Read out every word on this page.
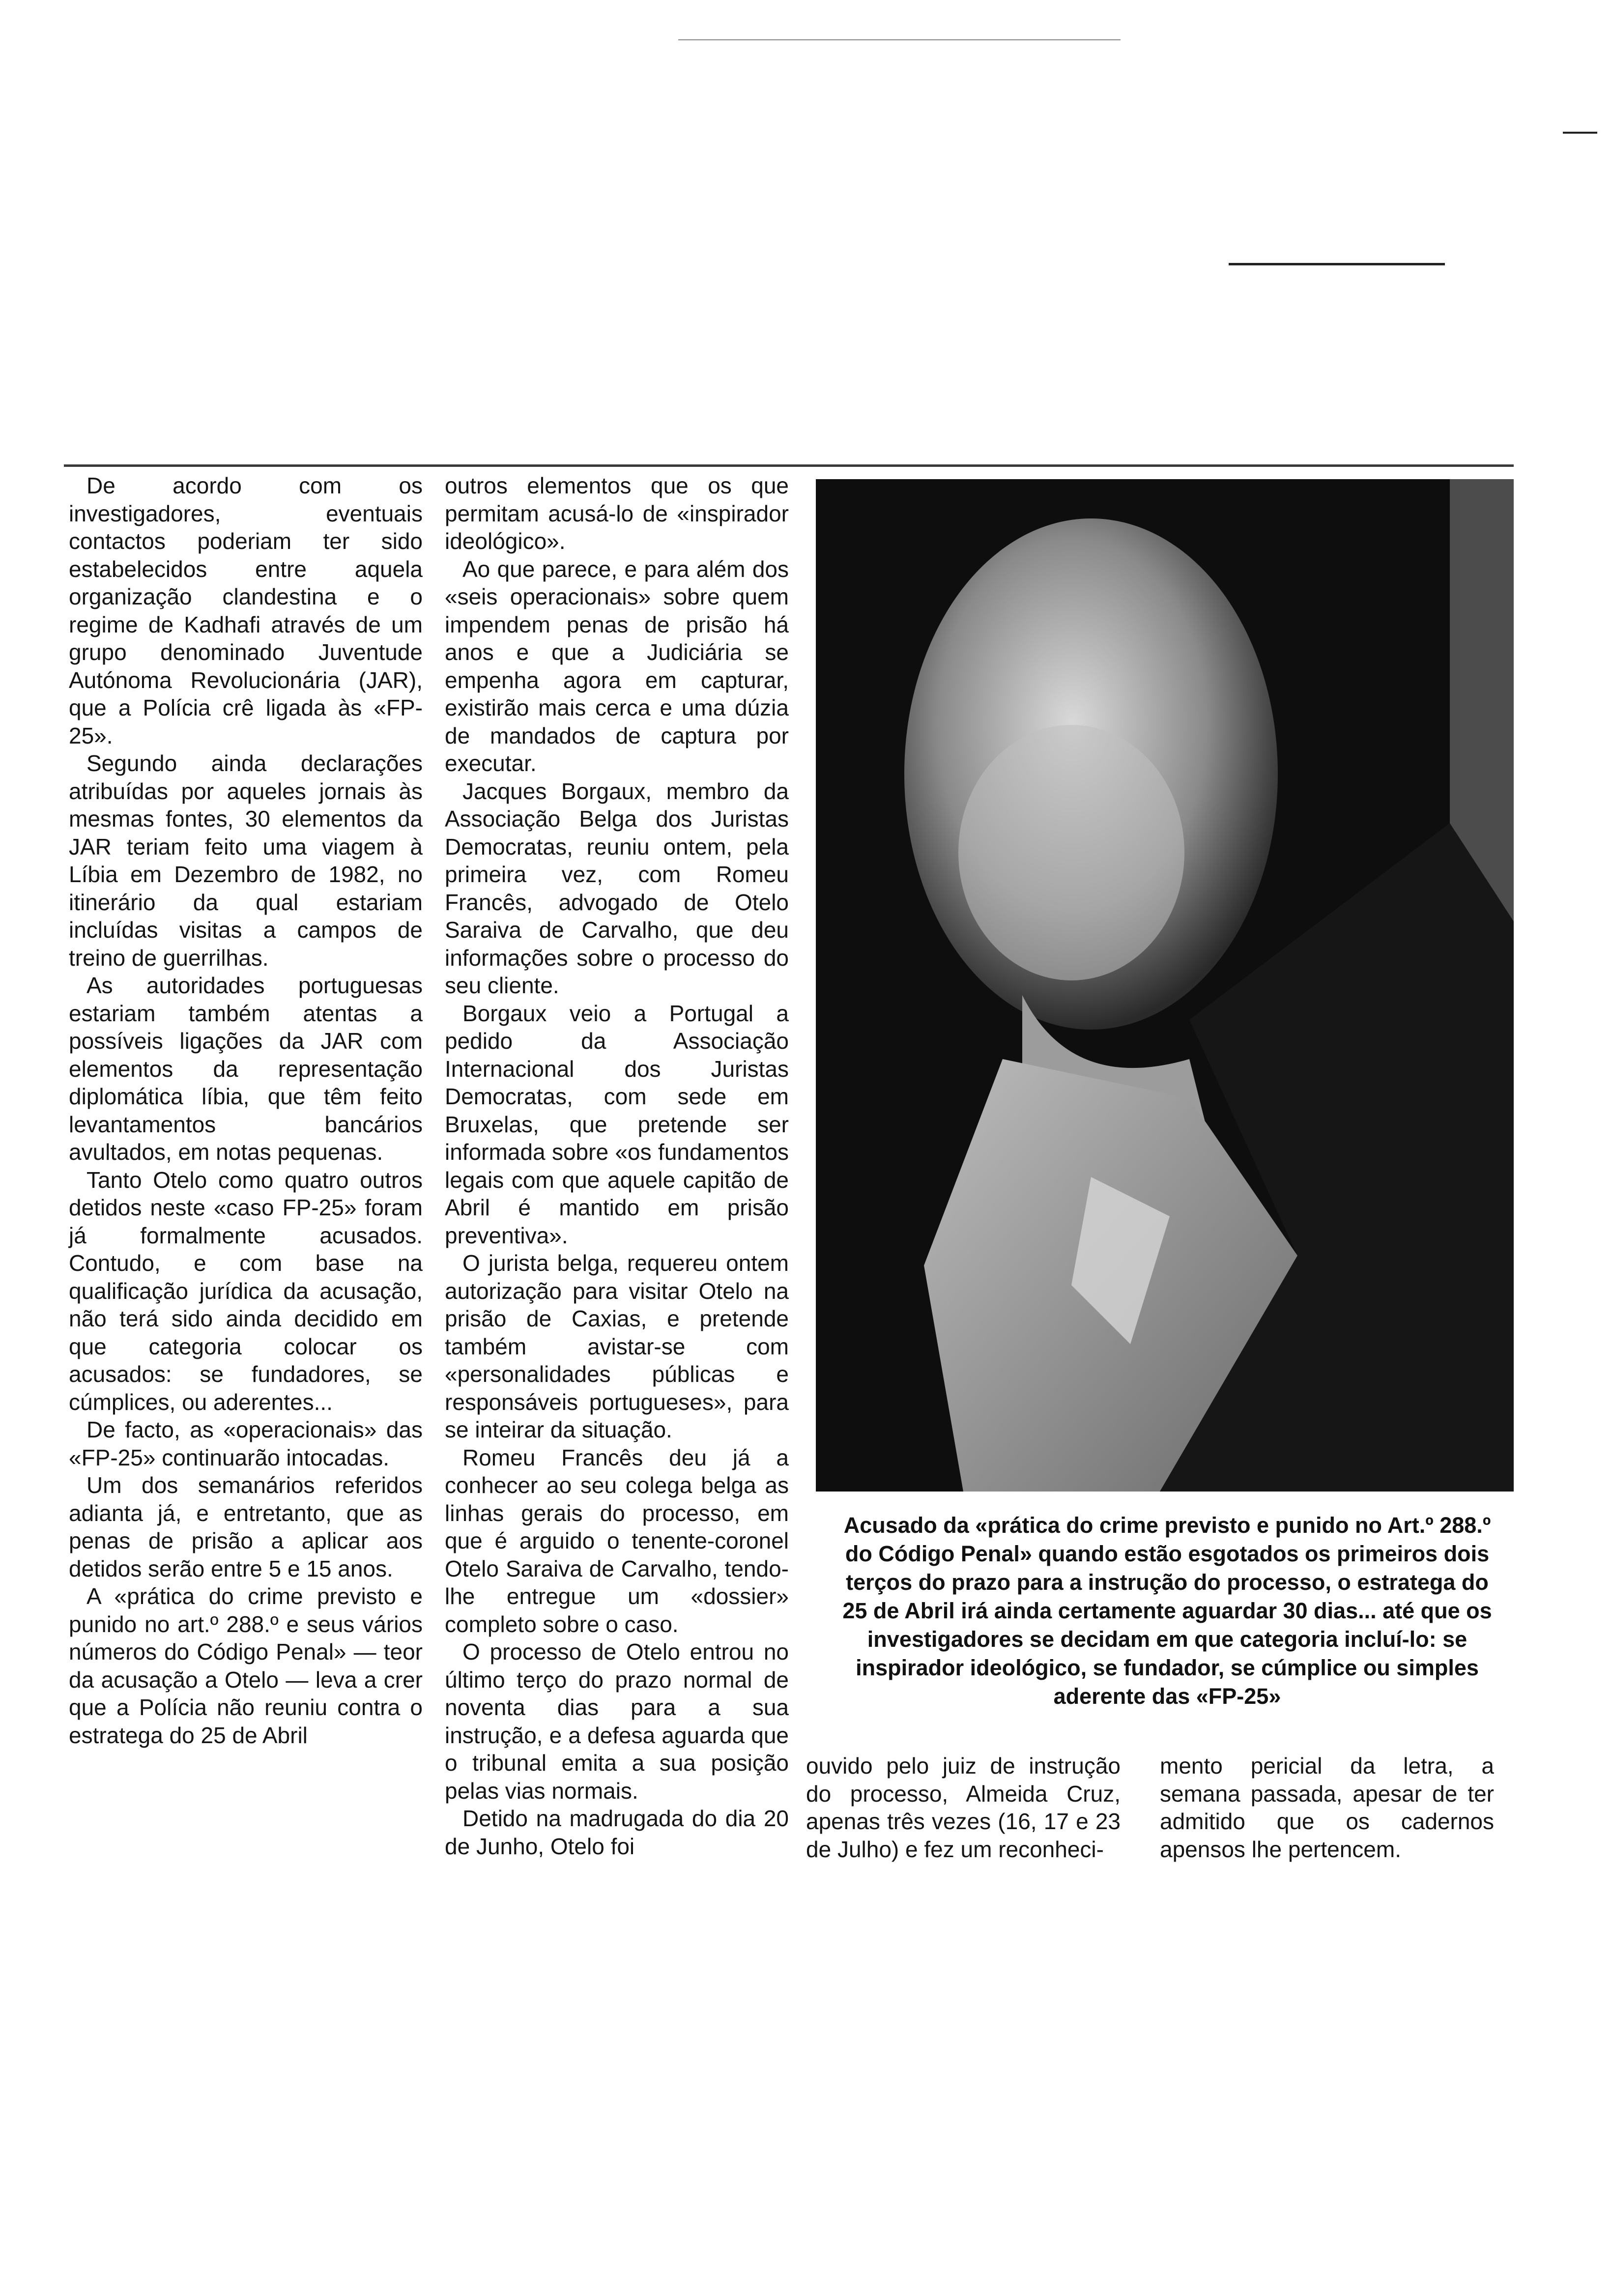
De acordo com os investigadores, eventuais contactos poderiam ter sido estabelecidos entre aquela organização clandestina e o regime de Kadhafi através de um grupo denominado Juventude Autónoma Revolucionária (JAR), que a Polícia crê ligada às «FP-25».

Segundo ainda declarações atribuídas por aqueles jornais às mesmas fontes, 30 elementos da JAR teriam feito uma viagem à Líbia em Dezembro de 1982, no itinerário da qual estariam incluídas visitas a campos de treino de guerrilhas.

As autoridades portuguesas estariam também atentas a possíveis ligações da JAR com elementos da representação diplomática líbia, que têm feito levantamentos bancários avultados, em notas pequenas.

Tanto Otelo como quatro outros detidos neste «caso FP-25» foram já formalmente acusados. Contudo, e com base na qualificação jurídica da acusação, não terá sido ainda decidido em que categoria colocar os acusados: se fundadores, se cúmplices, ou aderentes...

De facto, as «operacionais» das «FP-25» continuarão intocadas.

Um dos semanários referidos adianta já, e entretanto, que as penas de prisão a aplicar aos detidos serão entre 5 e 15 anos.

A «prática do crime previsto e punido no art.º 288.º e seus vários números do Código Penal» — teor da acusação a Otelo — leva a crer que a Polícia não reuniu contra o estratega do 25 de Abril

outros elementos que os que permitam acusá-lo de «inspirador ideológico».

Ao que parece, e para além dos «seis operacionais» sobre quem impendem penas de prisão há anos e que a Judiciária se empenha agora em capturar, existirão mais cerca e uma dúzia de mandados de captura por executar.

Jacques Borgaux, membro da Associação Belga dos Juristas Democratas, reuniu ontem, pela primeira vez, com Romeu Francês, advogado de Otelo Saraiva de Carvalho, que deu informações sobre o processo do seu cliente.

Borgaux veio a Portugal a pedido da Associação Internacional dos Juristas Democratas, com sede em Bruxelas, que pretende ser informada sobre «os fundamentos legais com que aquele capitão de Abril é mantido em prisão preventiva».

O jurista belga, requereu ontem autorização para visitar Otelo na prisão de Caxias, e pretende também avistar-se com «personalidades públicas e responsáveis portugueses», para se inteirar da situação.

Romeu Francês deu já a conhecer ao seu colega belga as linhas gerais do processo, em que é arguido o tenente-coronel Otelo Saraiva de Carvalho, tendo-lhe entregue um «dossier» completo sobre o caso.

O processo de Otelo entrou no último terço do prazo normal de noventa dias para a sua instrução, e a defesa aguarda que o tribunal emita a sua posição pelas vias normais.

Detido na madrugada do dia 20 de Junho, Otelo foi

Acusado da «prática do crime previsto e punido no Art.º 288.º do Código Penal» quando estão esgotados os primeiros dois terços do prazo para a instrução do processo, o estratega do 25 de Abril irá ainda certamente aguardar 30 dias... até que os investigadores se decidam em que categoria incluí-lo: se inspirador ideológico, se fundador, se cúmplice ou simples aderente das «FP-25»

ouvido pelo juiz de instrução do processo, Almeida Cruz, apenas três vezes (16, 17 e 23 de Julho) e fez um reconheci-

mento pericial da letra, a semana passada, apesar de ter admitido que os cadernos apensos lhe pertencem.
